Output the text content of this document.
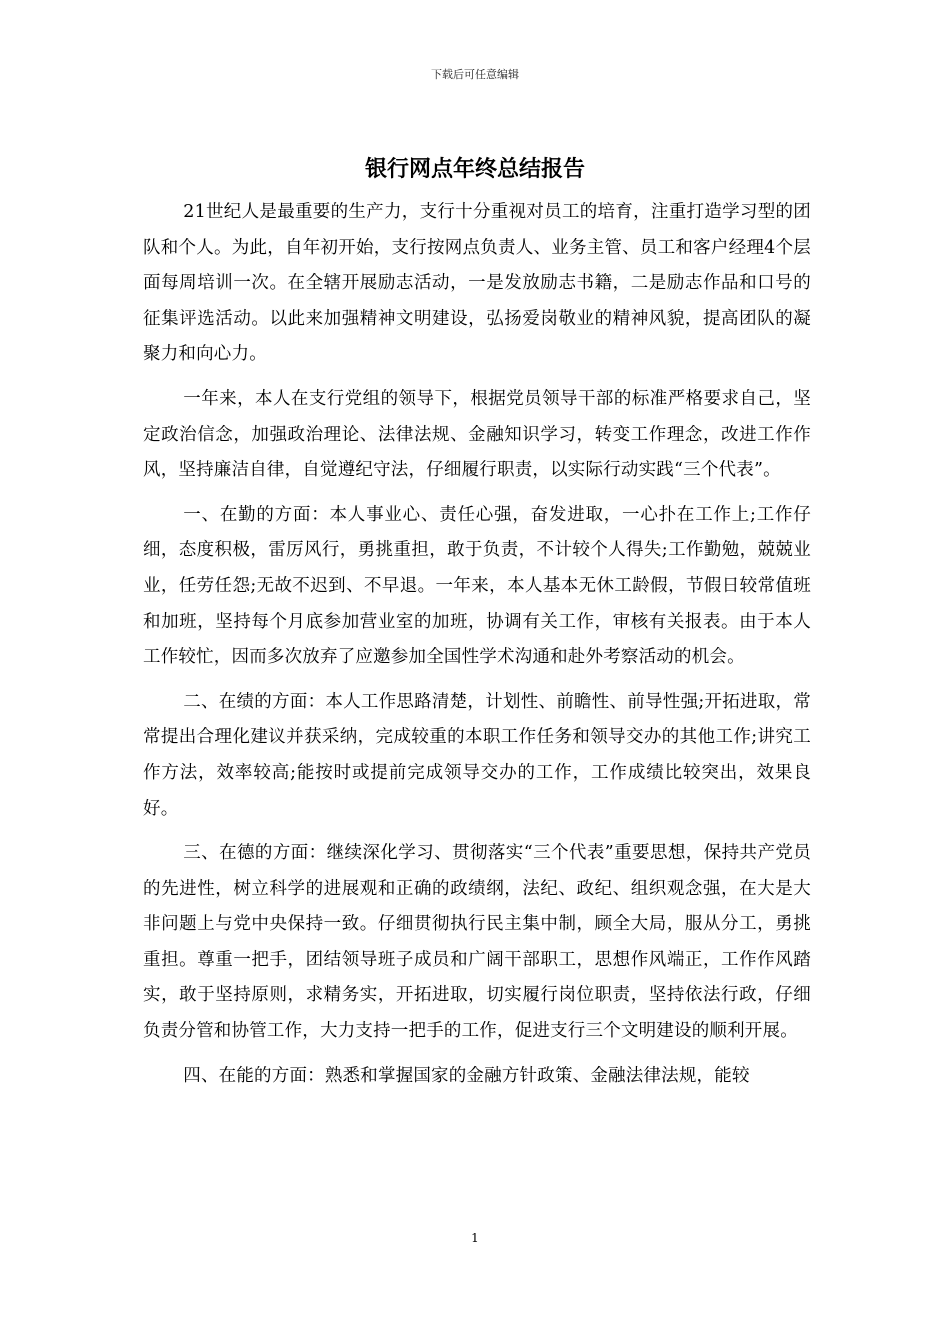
下载后可任意编辑
银行网点年终总结报告

21世纪人是最重要的生产力，支行十分重视对员工的培育，注重打造学习型的团队和个人。为此，自年初开始，支行按网点负责人、业务主管、员工和客户经理4个层面每周培训一次。在全辖开展励志活动，一是发放励志书籍，二是励志作品和口号的征集评选活动。以此来加强精神文明建设，弘扬爱岗敬业的精神风貌，提高团队的凝聚力和向心力。

一年来，本人在支行党组的领导下，根据党员领导干部的标准严格要求自己，坚定政治信念，加强政治理论、法律法规、金融知识学习，转变工作理念，改进工作作风，坚持廉洁自律，自觉遵纪守法，仔细履行职责，以实际行动实践“三个代表”。

一、在勤的方面：本人事业心、责任心强，奋发进取，一心扑在工作上;工作仔细，态度积极，雷厉风行，勇挑重担，敢于负责，不计较个人得失;工作勤勉，兢兢业业，任劳任怨;无故不迟到、不早退。一年来，本人基本无休工龄假，节假日较常值班和加班，坚持每个月底参加营业室的加班，协调有关工作，审核有关报表。由于本人工作较忙，因而多次放弃了应邀参加全国性学术沟通和赴外考察活动的机会。

二、在绩的方面：本人工作思路清楚，计划性、前瞻性、前导性强;开拓进取，常常提出合理化建议并获采纳，完成较重的本职工作任务和领导交办的其他工作;讲究工作方法，效率较高;能按时或提前完成领导交办的工作，工作成绩比较突出，效果良好。

三、在德的方面：继续深化学习、贯彻落实“三个代表”重要思想，保持共产党员的先进性，树立科学的进展观和正确的政绩纲，法纪、政纪、组织观念强，在大是大非问题上与党中央保持一致。仔细贯彻执行民主集中制，顾全大局，服从分工，勇挑重担。尊重一把手，团结领导班子成员和广阔干部职工，思想作风端正，工作作风踏实，敢于坚持原则，求精务实，开拓进取，切实履行岗位职责，坚持依法行政，仔细负责分管和协管工作，大力支持一把手的工作，促进支行三个文明建设的顺利开展。

四、在能的方面：熟悉和掌握国家的金融方针政策、金融法律法规，能较

1
